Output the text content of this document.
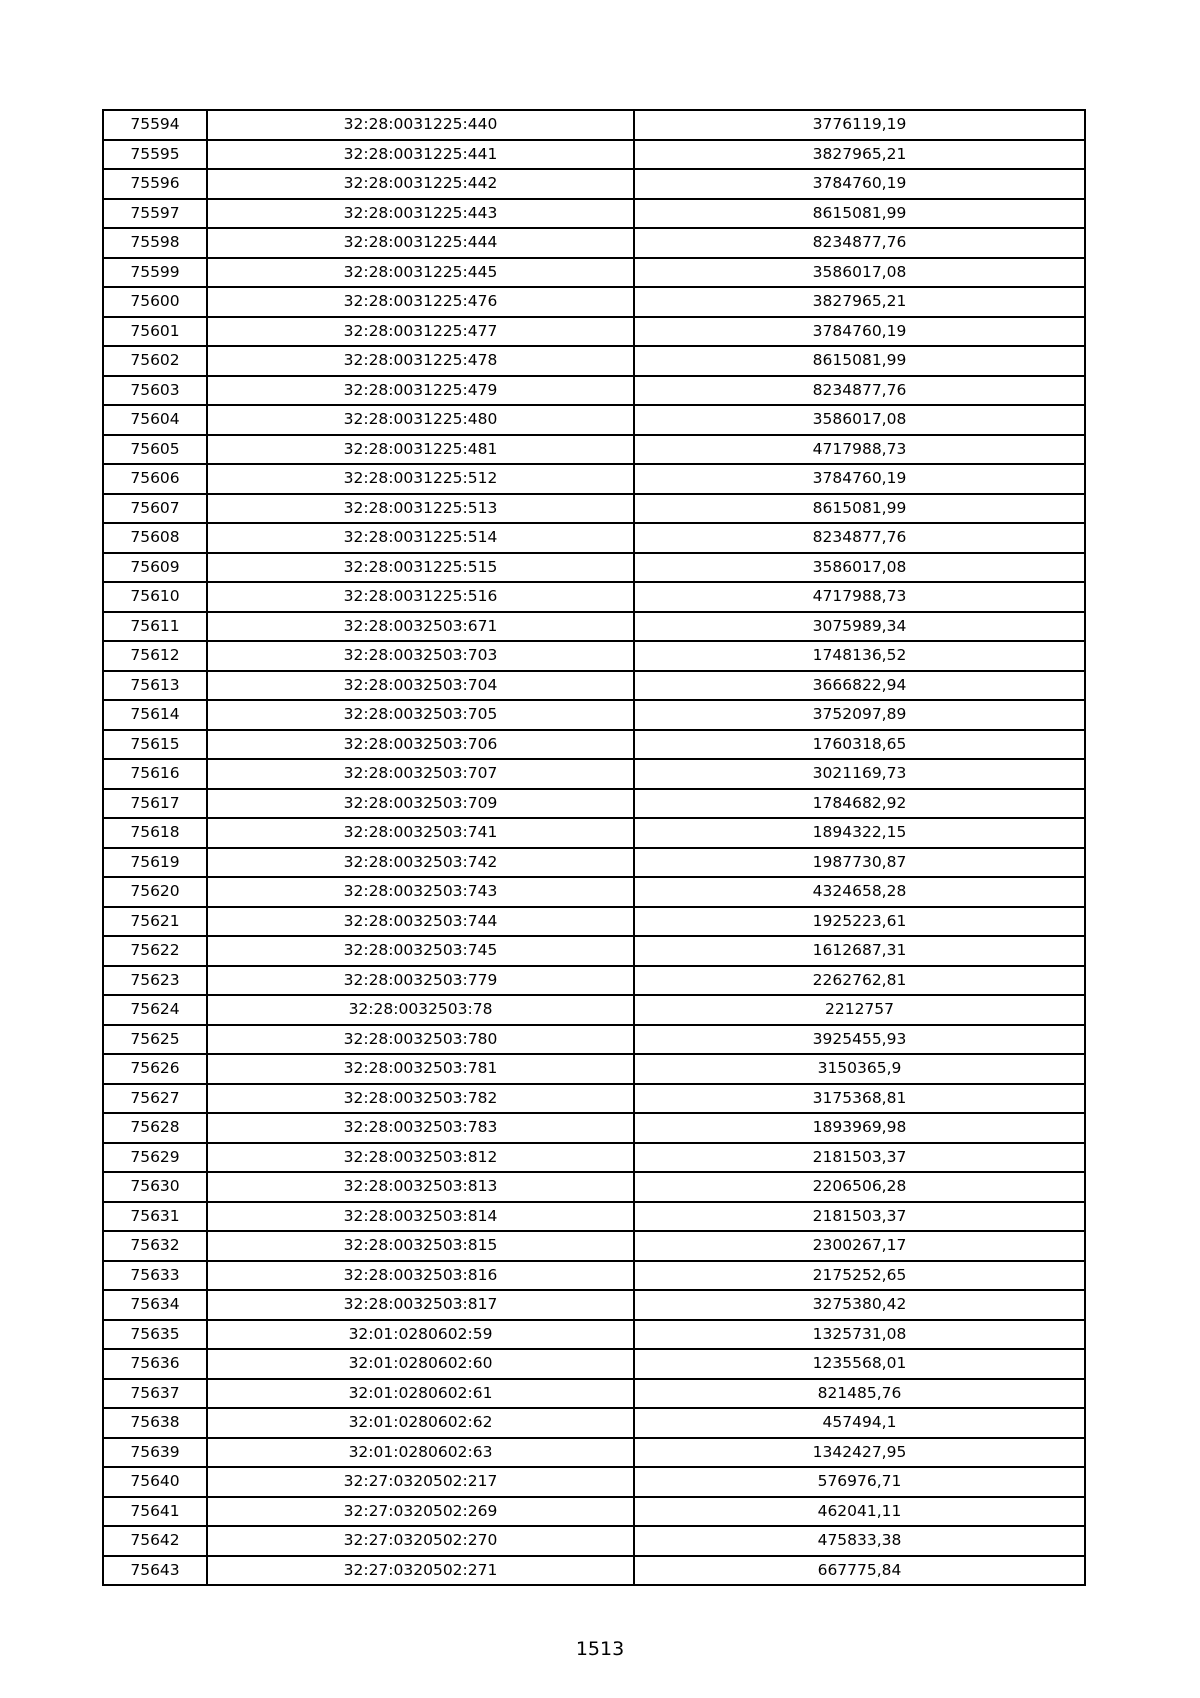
75594	32:28:0031225:440	3776119,19
75595	32:28:0031225:441	3827965,21
75596	32:28:0031225:442	3784760,19
75597	32:28:0031225:443	8615081,99
75598	32:28:0031225:444	8234877,76
75599	32:28:0031225:445	3586017,08
75600	32:28:0031225:476	3827965,21
75601	32:28:0031225:477	3784760,19
75602	32:28:0031225:478	8615081,99
75603	32:28:0031225:479	8234877,76
75604	32:28:0031225:480	3586017,08
75605	32:28:0031225:481	4717988,73
75606	32:28:0031225:512	3784760,19
75607	32:28:0031225:513	8615081,99
75608	32:28:0031225:514	8234877,76
75609	32:28:0031225:515	3586017,08
75610	32:28:0031225:516	4717988,73
75611	32:28:0032503:671	3075989,34
75612	32:28:0032503:703	1748136,52
75613	32:28:0032503:704	3666822,94
75614	32:28:0032503:705	3752097,89
75615	32:28:0032503:706	1760318,65
75616	32:28:0032503:707	3021169,73
75617	32:28:0032503:709	1784682,92
75618	32:28:0032503:741	1894322,15
75619	32:28:0032503:742	1987730,87
75620	32:28:0032503:743	4324658,28
75621	32:28:0032503:744	1925223,61
75622	32:28:0032503:745	1612687,31
75623	32:28:0032503:779	2262762,81
75624	32:28:0032503:78	2212757
75625	32:28:0032503:780	3925455,93
75626	32:28:0032503:781	3150365,9
75627	32:28:0032503:782	3175368,81
75628	32:28:0032503:783	1893969,98
75629	32:28:0032503:812	2181503,37
75630	32:28:0032503:813	2206506,28
75631	32:28:0032503:814	2181503,37
75632	32:28:0032503:815	2300267,17
75633	32:28:0032503:816	2175252,65
75634	32:28:0032503:817	3275380,42
75635	32:01:0280602:59	1325731,08
75636	32:01:0280602:60	1235568,01
75637	32:01:0280602:61	821485,76
75638	32:01:0280602:62	457494,1
75639	32:01:0280602:63	1342427,95
75640	32:27:0320502:217	576976,71
75641	32:27:0320502:269	462041,11
75642	32:27:0320502:270	475833,38
75643	32:27:0320502:271	667775,84
1513
